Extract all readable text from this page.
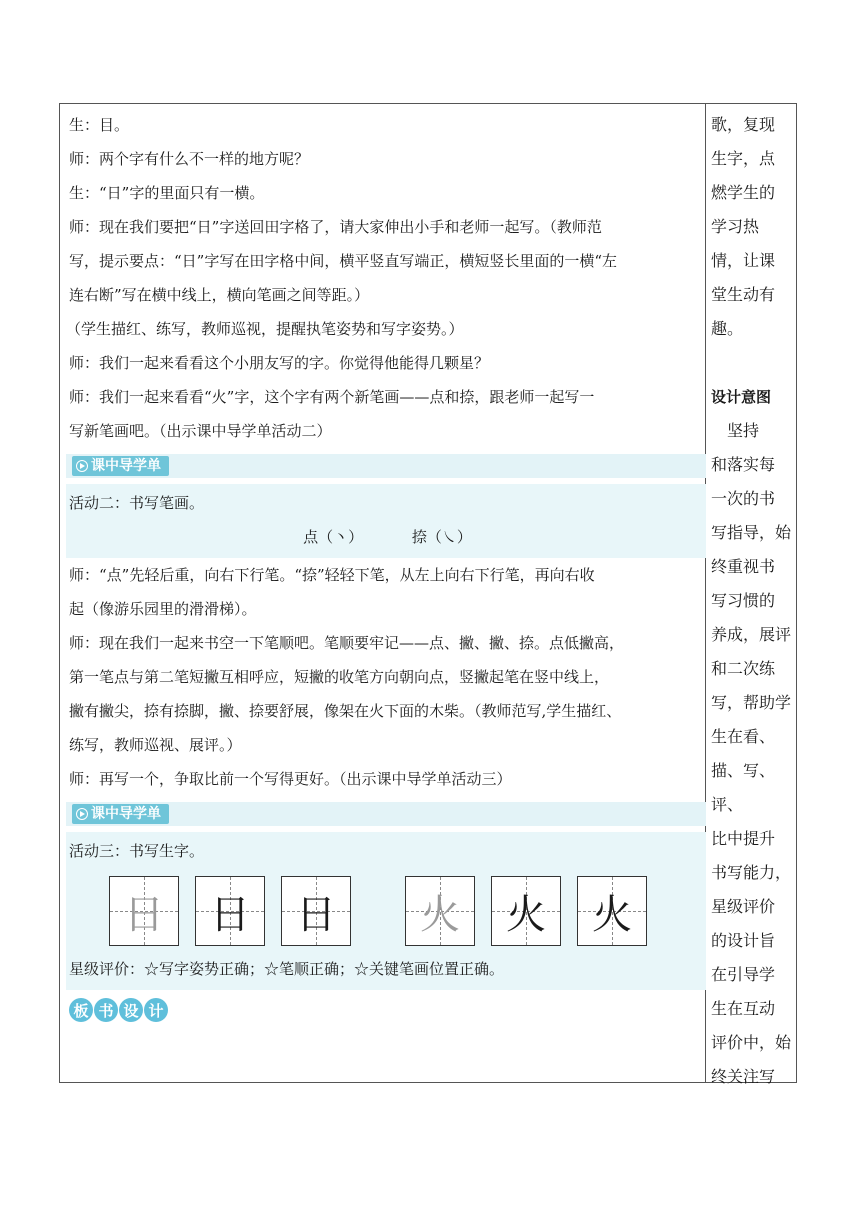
生：目。

师：两个字有什么不一样的地方呢？

生：“日”字的里面只有一横。

师：现在我们要把“日”字送回田字格了，请大家伸出小手和老师一起写。（教师范

写，提示要点：“日”字写在田字格中间，横平竖直写端正，横短竖长里面的一横“左

连右断”写在横中线上，横向笔画之间等距。）

（学生描红、练写，教师巡视，提醒执笔姿势和写字姿势。）

师：我们一起来看看这个小朋友写的字。你觉得他能得几颗星？

师：我们一起来看看“火”字，这个字有两个新笔画——点和捺，跟老师一起写一

写新笔画吧。（出示课中导学单活动二）

课中导学单

活动二：书写笔画。

点（丶）	捺（㇏）

师：“点”先轻后重，向右下行笔。“捺”轻轻下笔，从左上向右下行笔，再向右收

起（像游乐园里的滑滑梯）。

师：现在我们一起来书空一下笔顺吧。笔顺要牢记——点、撇、撇、捺。点低撇高，

第一笔点与第二笔短撇互相呼应，短撇的收笔方向朝向点，竖撇起笔在竖中线上，

撇有撇尖，捺有捺脚，撇、捺要舒展，像架在火下面的木柴。（教师范写,学生描红、

练写，教师巡视、展评。）

师：再写一个，争取比前一个写得更好。（出示课中导学单活动三）

课中导学单

活动三：书写生字。

日	日	日	火	火	火

星级评价：☆写字姿势正确；☆笔顺正确；☆关键笔画位置正确。

板 书 设 计

歌，复现

生字，点

燃学生的

学习热

情，让课

堂生动有

趣。

设计意图

　坚持

和落实每

一次的书

写指导，始

终重视书

写习惯的

养成，展评

和二次练

写，帮助学

生在看、

描、写、评、

比中提升

书写能力，

星级评价

的设计旨

在引导学

生在互动

评价中，始

终关注写
